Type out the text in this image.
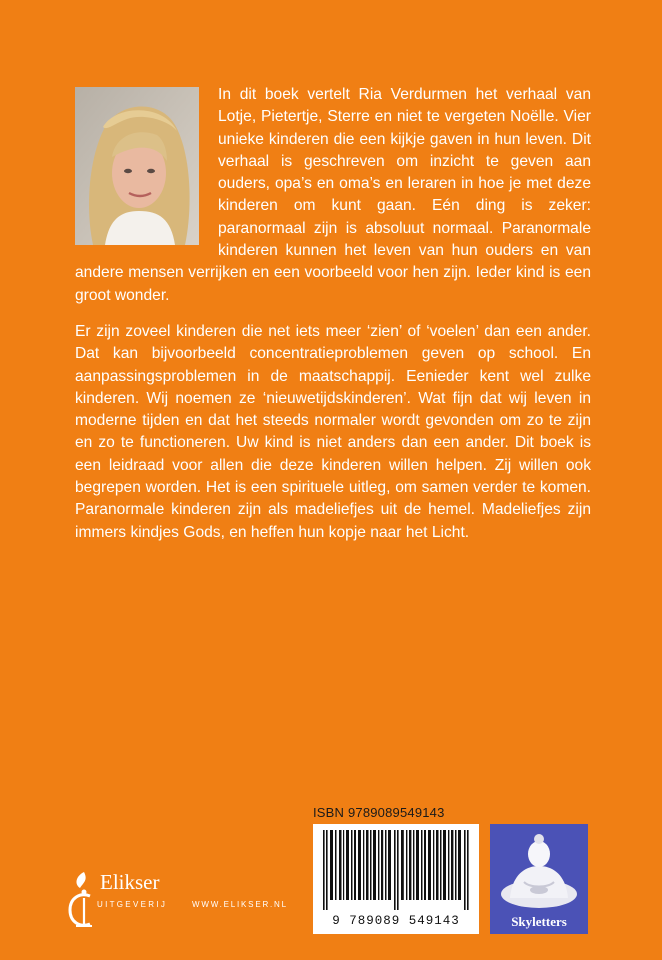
In dit boek vertelt Ria Verdurmen het verhaal van Lotje, Pietertje, Sterre en niet te vergeten Noëlle. Vier unieke kinderen die een kijkje gaven in hun leven. Dit verhaal is geschreven om inzicht te geven aan ouders, opa’s en oma’s en leraren in hoe je met deze kinderen om kunt gaan. Eén ding is zeker: paranormaal zijn is absoluut normaal. Paranormale kinderen kunnen het leven van hun ouders en van andere mensen verrijken en een voorbeeld voor hen zijn. Ieder kind is een groot wonder.

Er zijn zoveel kinderen die net iets meer ‘zien’ of ‘voelen’ dan een ander. Dat kan bijvoorbeeld concentratieproblemen geven op school. En aanpassingsproblemen in de maatschappij. Eenieder kent wel zulke kinderen. Wij noemen ze ‘nieuwetijdskinderen’. Wat fijn dat wij leven in moderne tijden en dat het steeds normaler wordt gevonden om zo te zijn en zo te functioneren. Uw kind is niet anders dan een ander. Dit boek is een leidraad voor allen die deze kinderen willen helpen. Zij willen ook begrepen worden. Het is een spirituele uitleg, om samen verder te komen. Paranormale kinderen zijn als madeliefjes uit de hemel. Madeliefjes zijn immers kindjes Gods, en heffen hun kopje naar het Licht.

ISBN 9789089549143
9 789089 549143	Skyletters
Elikser
UITGEVERIJ	WWW.ELIKSER.NL
